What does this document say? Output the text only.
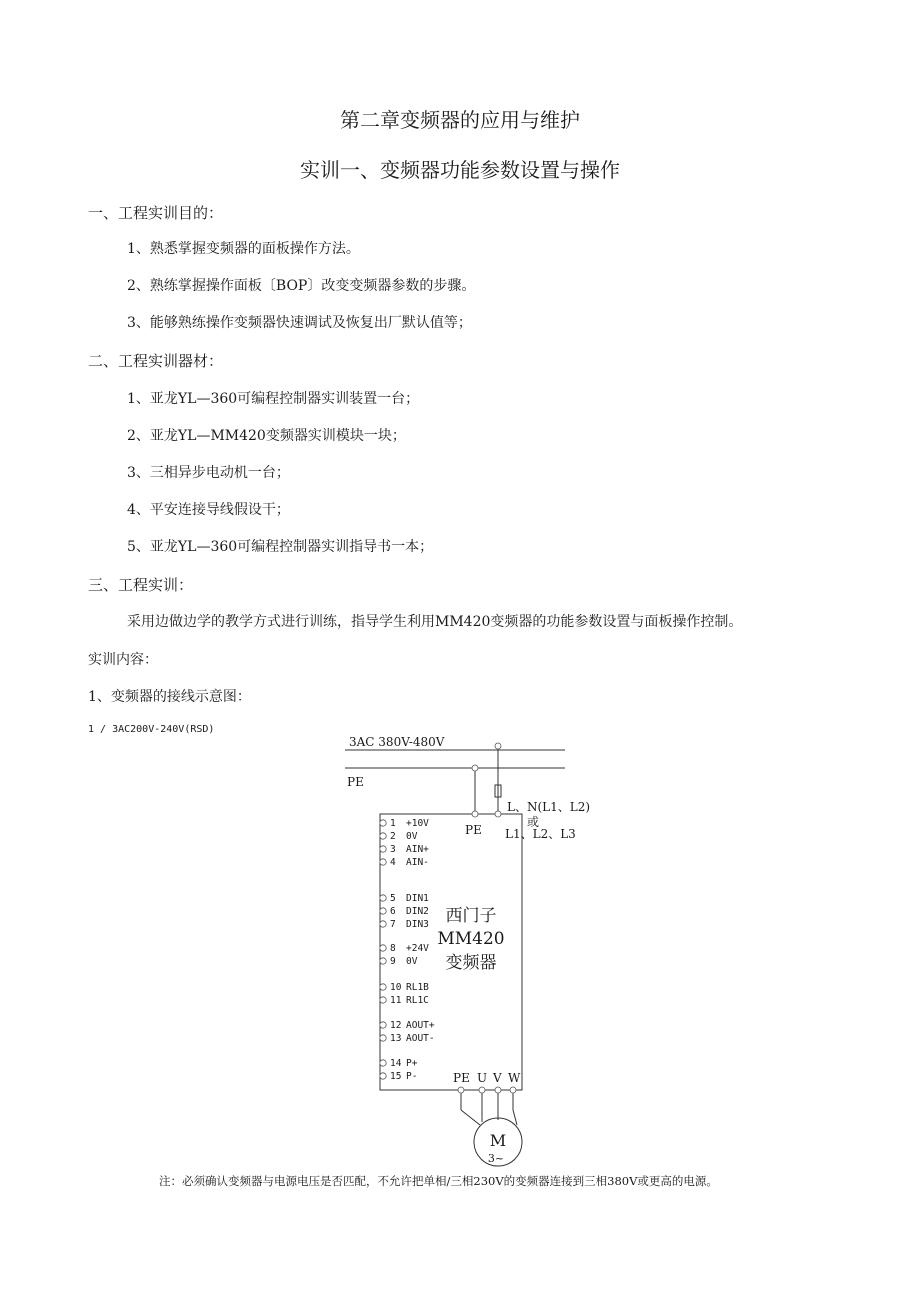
第二章变频器的应用与维护
实训一、变频器功能参数设置与操作
一、工程实训目的：
1、熟悉掌握变频器的面板操作方法。
2、熟练掌握操作面板〔BOP〕改变变频器参数的步骤。
3、能够熟练操作变频器快速调试及恢复出厂默认值等；
二、工程实训器材：
1、亚龙YL—360可编程控制器实训装置一台；
2、亚龙YL—MM420变频器实训模块一块；
3、三相异步电动机一台；
4、平安连接导线假设干；
5、亚龙YL—360可编程控制器实训指导书一本；
三、工程实训：
采用边做边学的教学方式进行训练，指导学生利用MM420变频器的功能参数设置与面板操作控制。
实训内容：
1、变频器的接线示意图：
1 / 3AC200V-240V(RSD)
3AC 380V-480V
PE
PE
L、N(L1、L2)
或
L1、L2、L3
1 +10V
2 0V
3 AIN+
4 AIN-
5 DIN1
6 DIN2
7 DIN3
8 +24V
9 0V
10 RL1B
11 RL1C
12 AOUT+
13 AOUT-
14 P+
15 P-
西门子
MM420
变频器
PE U V W
M
3~
注：必须确认变频器与电源电压是否匹配，不允许把单相/三相230V的变频器连接到三相380V或更高的电源。
